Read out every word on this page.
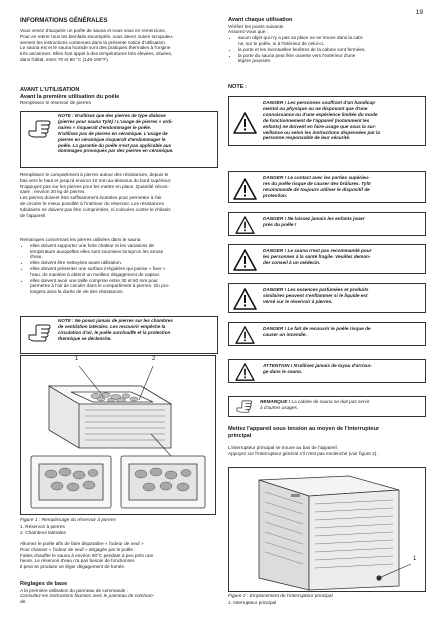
19
INFORMATIONS GÉNÉRALES

Vous venez d'acquérir un poêle de sauna et nous vous en remercions.

Pour en retirer tous les bienfaits escomptés, vous devez suivre scrupuleu-

sement les instructions contenues dans la présente notice d'utilisation.

Le sauna est et le sauna humide sont des pratiques thermales à l'origine

très anciennes. Elles font appel à des températures très élevées, situées,

dans l'idéal, entre 70 et 90 °C (145-190°F).

AVANT L'UTILISATION
Avant la première utilisation du poêle

Remplissez le réservoir de pierres

NOTE : N'utilisez que des pierres de type diabase
(pierres pour sauna Tylö) ! L'usage de pierres « ordi-
naires » risquerait d'endommager le poêle.
N'utilisez pas de pierres en céramique. L'usage de
pierres en céramique risquerait d'endommager le
poêle. La garantie du poêle n'est pas applicable aux
dommages provoqués par des pierres en céramique.

Remplissez le compartiment à pierres autour des résistances, depuis le

bas vers le haut et jusqu'à environ 10 mm au-dessous du bord supérieur.

N'appuyez pas sur les pierres pour les mettre en place. Quantité néces-

saire : environ 20 kg de pierres.

Les pierres doivent être suffisamment écartées pour permettre à l'air

de circuler le mieux possible à l'intérieur du réservoir. Les résistances

tubulaires ne doivent pas être comprimées, ni coincées contre le châssis

de l'appareil

Remarques concernant les pierres utilisées dans le sauna

• elles doivent supporter une forte chaleur et les variations de
température auxquelles elles sont soumises lorsqu'on les arrose
d'eau.
• elles doivent être nettoyées avant utilisation.
• elles doivent présenter une surface irrégulière qui puisse « fixer »
l'eau, de manière à obtenir un meilleur dégagement de vapeur.
• elles doivent avoir une taille comprise entre 30 et 60 mm pour
permettre à l'air de circuler dans le compartiment à pierres. On pro-
longera ainsi la durée de vie des résistances.
NOTE : Ne posez jamais de pierres sur les chambres
de ventilation latérales. Les recouvrir empêche la
circulation d'air, le poêle surchauffe et la protection
thermique se déclenche.
1	2
Figure 1 : Remplissage du réservoir à pierres
1. Réservoir à pierres
2. Chambres latérales

Allumez le poêle afin de faire disparaître « l'odeur de neuf »

Pour chasser « l'odeur de neuf » dégagée par le poêle :

Faites chauffer le sauna à environ 90°C pendant à peu près une

heure. Le réservoir d'eau n'a pas besoin de fonctionner.

Il peut se produire un léger dégagement de fumée.

Réglages de base

A la première utilisation du panneau de commande :

Consultez les instructions fournies avec le panneau de comman-

de.

Avant chaque utilisation

Vérifiez les points suivants

Assurez-vous que :

• aucun objet qui n'y a pas sa place ne se trouve dans la cabi-
ne, sur le poêle, ni à l'intérieur de celui-ci.
• la porte et les éventuelles fenêtres de la cabine sont fermées.
• la porte du sauna peut être ouverte vers l'extérieur d'une
légère poussée.
NOTE :
DANGER ! Les personnes souffrant d'un handicap
mental ou physique ou ne disposant que d'une
connaissance ou d'une expérience limitée du mode
de fonctionnement de l'appareil (notamment les
enfants) ne doivent en faire usage que sous la sur-
veillance ou selon les instructions dispensées par la
personne responsable de leur sécurité.
DANGER ! Le contact avec les parties supérieu-
res du poêle risque de causer des brûlures. Tylö
recommande de toujours utiliser le dispositif de
protection.
DANGER ! Ne laissez jamais les enfants jouer
près du poêle !
DANGER ! Le sauna n'est pas recommandé pour
les personnes à la santé fragile. Veuillez deman-
der conseil à un médecin.
DANGER ! Les essences parfumées et produits
similaires peuvent s'enflammer si le liquide est
versé sur le réservoir à pierres.
DANGER ! Le fait de recouvrir le poêle risque de
causer un incendie.
ATTENTION ! N'utilisez jamais de tuyau d'arrosa-
ge dans le sauna.
REMARQUE ! La cabine de sauna ne doit pas servir
à d'autres usages.
Mettez l'appareil sous tension au moyen de l'interrupteur
principal

L'interrupteur principal se trouve au bas de l'appareil.

Appuyez sur l'interrupteur général s'il n'est pas enclenché (voir figure 2).

1
Figure 2 : Emplacement de l'interrupteur principal
1. Interrupteur principal
